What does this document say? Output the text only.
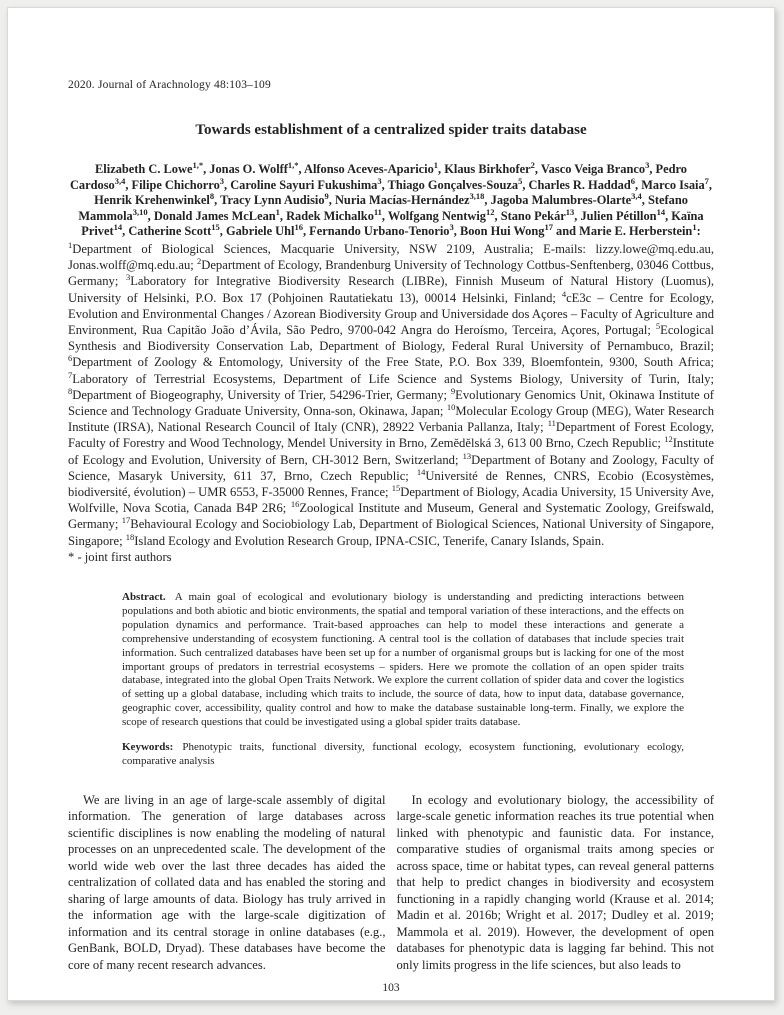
2020. Journal of Arachnology 48:103–109
Towards establishment of a centralized spider traits database
Elizabeth C. Lowe$^{1,*}$, Jonas O. Wolff$^{1,*}$, Alfonso Aceves-Aparicio$^1$, Klaus Birkhofer$^2$, Vasco Veiga Branco$^3$, Pedro Cardoso$^{3,4}$, Filipe Chichorro$^3$, Caroline Sayuri Fukushima$^3$, Thiago Gonçalves-Souza$^5$, Charles R. Haddad$^6$, Marco Isaia$^7$, Henrik Krehenwinkel$^8$, Tracy Lynn Audisio$^9$, Nuria Macías-Hernández$^{3,18}$, Jagoba Malumbres-Olarte$^{3,4}$, Stefano Mammola$^{3,10}$, Donald James McLean$^1$, Radek Michalko$^{11}$, Wolfgang Nentwig$^{12}$, Stano Pekár$^{13}$, Julien Pétillon$^{14}$, Kaïna Privet$^{14}$, Catherine Scott$^{15}$, Gabriele Uhl$^{16}$, Fernando Urbano-Tenorio$^3$, Boon Hui Wong$^{17}$ and Marie E. Herberstein$^1$:
$^1$Department of Biological Sciences, Macquarie University, NSW 2109, Australia; E-mails: lizzy.lowe@mq.edu.au, Jonas.wolff@mq.edu.au; $^2$Department of Ecology, Brandenburg University of Technology Cottbus-Senftenberg, 03046 Cottbus, Germany; $^3$Laboratory for Integrative Biodiversity Research (LIBRe), Finnish Museum of Natural History (Luomus), University of Helsinki, P.O. Box 17 (Pohjoinen Rautatiekatu 13), 00014 Helsinki, Finland; $^4$cE3c – Centre for Ecology, Evolution and Environmental Changes / Azorean Biodiversity Group and Universidade dos Açores – Faculty of Agriculture and Environment, Rua Capitão João d’Ávila, São Pedro, 9700-042 Angra do Heroísmo, Terceira, Açores, Portugal; $^5$Ecological Synthesis and Biodiversity Conservation Lab, Department of Biology, Federal Rural University of Pernambuco, Brazil; $^6$Department of Zoology & Entomology, University of the Free State, P.O. Box 339, Bloemfontein, 9300, South Africa; $^7$Laboratory of Terrestrial Ecosystems, Department of Life Science and Systems Biology, University of Turin, Italy; $^8$Department of Biogeography, University of Trier, 54296-Trier, Germany; $^9$Evolutionary Genomics Unit, Okinawa Institute of Science and Technology Graduate University, Onna-son, Okinawa, Japan; $^{10}$Molecular Ecology Group (MEG), Water Research Institute (IRSA), National Research Council of Italy (CNR), 28922 Verbania Pallanza, Italy; $^{11}$Department of Forest Ecology, Faculty of Forestry and Wood Technology, Mendel University in Brno, Zemědělská 3, 613 00 Brno, Czech Republic; $^{12}$Institute of Ecology and Evolution, University of Bern, CH-3012 Bern, Switzerland; $^{13}$Department of Botany and Zoology, Faculty of Science, Masaryk University, 611 37, Brno, Czech Republic; $^{14}$Université de Rennes, CNRS, Ecobio (Ecosystèmes, biodiversité, évolution) – UMR 6553, F-35000 Rennes, France; $^{15}$Department of Biology, Acadia University, 15 University Ave, Wolfville, Nova Scotia, Canada B4P 2R6; $^{16}$Zoological Institute and Museum, General and Systematic Zoology, Greifswald, Germany; $^{17}$Behavioural Ecology and Sociobiology Lab, Department of Biological Sciences, National University of Singapore, Singapore; $^{18}$Island Ecology and Evolution Research Group, IPNA-CSIC, Tenerife, Canary Islands, Spain.
* - joint first authors
Abstract. A main goal of ecological and evolutionary biology is understanding and predicting interactions between populations and both abiotic and biotic environments, the spatial and temporal variation of these interactions, and the effects on population dynamics and performance. Trait-based approaches can help to model these interactions and generate a comprehensive understanding of ecosystem functioning. A central tool is the collation of databases that include species trait information. Such centralized databases have been set up for a number of organismal groups but is lacking for one of the most important groups of predators in terrestrial ecosystems – spiders. Here we promote the collation of an open spider traits database, integrated into the global Open Traits Network. We explore the current collation of spider data and cover the logistics of setting up a global database, including which traits to include, the source of data, how to input data, database governance, geographic cover, accessibility, quality control and how to make the database sustainable long-term. Finally, we explore the scope of research questions that could be investigated using a global spider traits database.
Keywords: Phenotypic traits, functional diversity, functional ecology, ecosystem functioning, evolutionary ecology, comparative analysis

We are living in an age of large-scale assembly of digital information. The generation of large databases across scientific disciplines is now enabling the modeling of natural processes on an unprecedented scale. The development of the world wide web over the last three decades has aided the centralization of collated data and has enabled the storing and sharing of large amounts of data. Biology has truly arrived in the information age with the large-scale digitization of information and its central storage in online databases (e.g., GenBank, BOLD, Dryad). These databases have become the core of many recent research advances.

In ecology and evolutionary biology, the accessibility of large-scale genetic information reaches its true potential when linked with phenotypic and faunistic data. For instance, comparative studies of organismal traits among species or across space, time or habitat types, can reveal general patterns that help to predict changes in biodiversity and ecosystem functioning in a rapidly changing world (Krause et al. 2014; Madin et al. 2016b; Wright et al. 2017; Dudley et al. 2019; Mammola et al. 2019). However, the development of open databases for phenotypic data is lagging far behind. This not only limits progress in the life sciences, but also leads to

103
